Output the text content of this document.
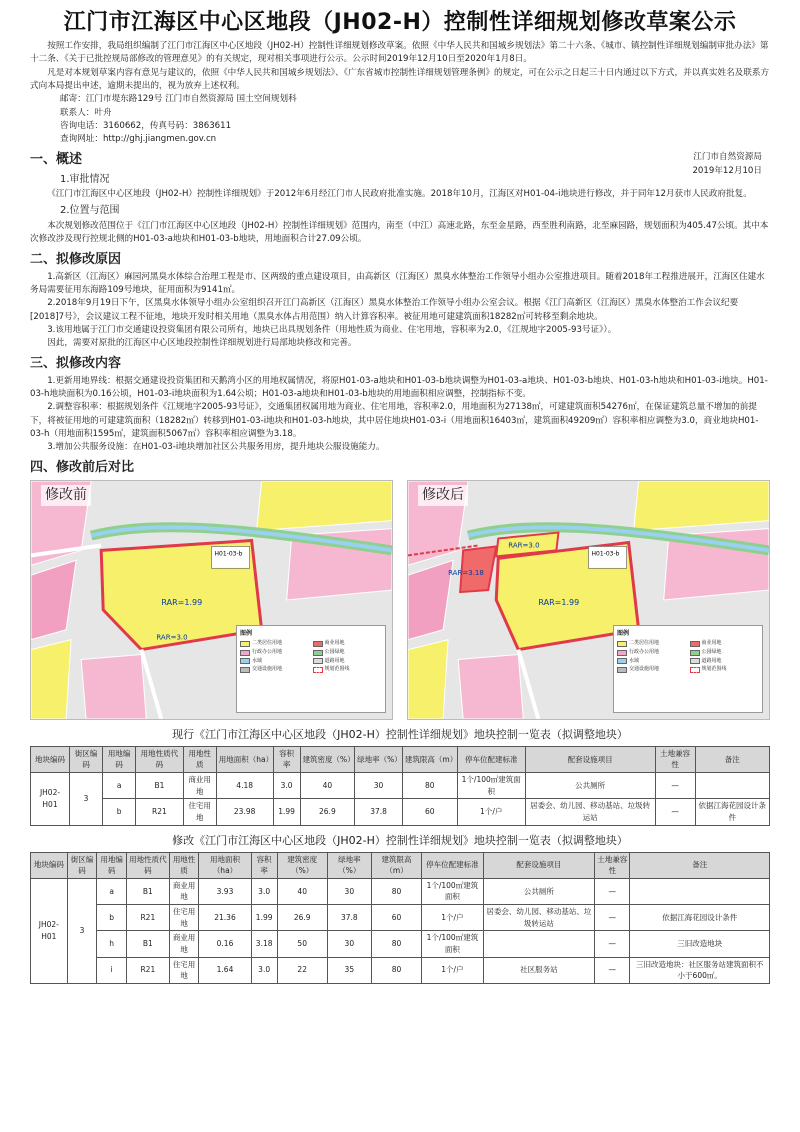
江门市江海区中心区地段（JH02-H）控制性详细规划修改草案公示

按照工作安排，我局组织编制了江门市江海区中心区地段（JH02-H）控制性详细规划修改草案。依照《中华人民共和国城乡规划法》第二十六条、《城市、镇控制性详细规划编制审批办法》第十二条、《关于已批控规局部修改的管理意见》的有关规定，现对相关事项进行公示。公示时间2019年12月10日至2020年1月8日。

凡是对本规划草案内容有意见与建议的，依照《中华人民共和国城乡规划法》、《广东省城市控制性详细规划管理条例》的规定，可在公示之日起三十日内通过以下方式，并以真实姓名及联系方式向本局提出申述，逾期未提出的，视为放弃上述权利。

邮寄：江门市堤东路129号 江门市自然资源局 国土空间规划科
联系人：叶舟
咨询电话：3160662，传真号码：3863611
查询网址：http://ghj.jiangmen.gov.cn
江门市自然资源局
2019年12月10日
一、概述
1.审批情况

《江门市江海区中心区地段（JH02-H）控制性详细规划》于2012年6月经江门市人民政府批准实施。2018年10月，江海区对H01-04-i地块进行修改，并于同年12月获市人民政府批复。

2.位置与范围

本次规划修改范围位于《江门市江海区中心区地段（JH02-H）控制性详细规划》范围内，南至（中江）高速北路，东至金星路，西至胜利南路，北至麻园路，规划面积为405.47公顷。其中本次修改涉及现行控规北侧的H01-03-a地块和H01-03-b地块，用地面积合计27.09公顷。

二、拟修改原因

1.高新区（江海区）麻园河黑臭水体综合治理工程是市、区两级的重点建设项目，由高新区（江海区）黑臭水体整治工作领导小组办公室推进项目。随着2018年工程推进展开，江海区住建水务局需要征用东海路109号地块，征用面积为9141㎡。

2.2018年9月19日下午，区黑臭水体领导小组办公室组织召开江门高新区（江海区）黑臭水体整治工作领导小组办公室会议。根据《江门高新区（江海区）黑臭水体整治工作会议纪要[2018]7号》，会议建议工程不征地，地块开发时相关用地（黑臭水体占用范围）纳入计算容积率。被征用地可建建筑面积18282㎡可转移至剩余地块。

3.该用地属于江门市交通建设投资集团有限公司所有，地块已出具规划条件（用地性质为商业、住宅用地，容积率为2.0，《江规地字2005-93号证》）。

因此，需要对原批的江海区中心区地段控制性详细规划进行局部地块修改和完善。

三、拟修改内容

1.更新用地界线：根据交通建设投资集团和天鹅湾小区的用地权属情况，将原H01-03-a地块和H01-03-b地块调整为H01-03-a地块、H01-03-b地块、H01-03-h地块和H01-03-i地块。H01-03-h地块面积为0.16公顷，H01-03-i地块面积为1.64公顷；H01-03-a地块和H01-03-b地块的用地面积相应调整，控制指标不变。

2.调整容积率：根据规划条件《江规地字2005-93号证》，交通集团权属用地为商业、住宅用地，容积率2.0，用地面积为27138㎡，可建建筑面积54276㎡，在保证建筑总量不增加的前提下，将被征用地的可建建筑面积（18282㎡）转移到H01-03-i地块和H01-03-h地块，其中居住地块H01-03-i（用地面积16403㎡，建筑面积49209㎡）容积率相应调整为3.0，商业地块H01-03-h（用地面积1595㎡，建筑面积5067㎡）容积率相应调整为3.18。

3.增加公共服务设施：在H01-03-i地块增加社区公共服务用房，提升地块公服设施能力。

四、修改前后对比
修改前
H01-03-b
RAR=1.99
RAR=3.0
图例
二类居住用地	商业用地
行政办公用地	公园绿地
水域	道路用地
交通设施用地	规划范围线
修改后
H01-03-b
RAR=1.99
RAR=3.0
RAR=3.18
图例
二类居住用地	商业用地
行政办公用地	公园绿地
水域	道路用地
交通设施用地	规划范围线
现行《江门市江海区中心区地段（JH02-H）控制性详细规划》地块控制一览表（拟调整地块）
地块编码	街区编码	用地编码	用地性质代码	用地性质	用地面积（ha）	容积率	建筑密度（%）	绿地率（%）	建筑限高（m）	停车位配建标准	配套设施项目	土地兼容性	备注
JH02-H01	3	a	B1	商业用地	4.18	3.0	40	30	80	1个/100㎡建筑面积	公共厕所	—	
		b	R21	住宅用地	23.98	1.99	26.9	37.8	60	1个/户	居委会、幼儿园、移动基站、垃圾转运站	—	依据江海花园设计条件
修改《江门市江海区中心区地段（JH02-H）控制性详细规划》地块控制一览表（拟调整地块）
地块编码	街区编码	用地编码	用地性质代码	用地性质	用地面积（ha）	容积率	建筑密度（%）	绿地率（%）	建筑限高（m）	停车位配建标准	配套设施项目	土地兼容性	备注
JH02-H01	3	a	B1	商业用地	3.93	3.0	40	30	80	1个/100㎡建筑面积	公共厕所	—	
		b	R21	住宅用地	21.36	1.99	26.9	37.8	60	1个/户	居委会、幼儿园、移动基站、垃圾转运站	—	依据江海花园设计条件
		h	B1	商业用地	0.16	3.18	50	30	80	1个/100㎡建筑面积		—	三旧改造地块
		i	R21	住宅用地	1.64	3.0	22	35	80	1个/户	社区服务站	—	三旧改造地块：社区服务站建筑面积不小于600㎡。
